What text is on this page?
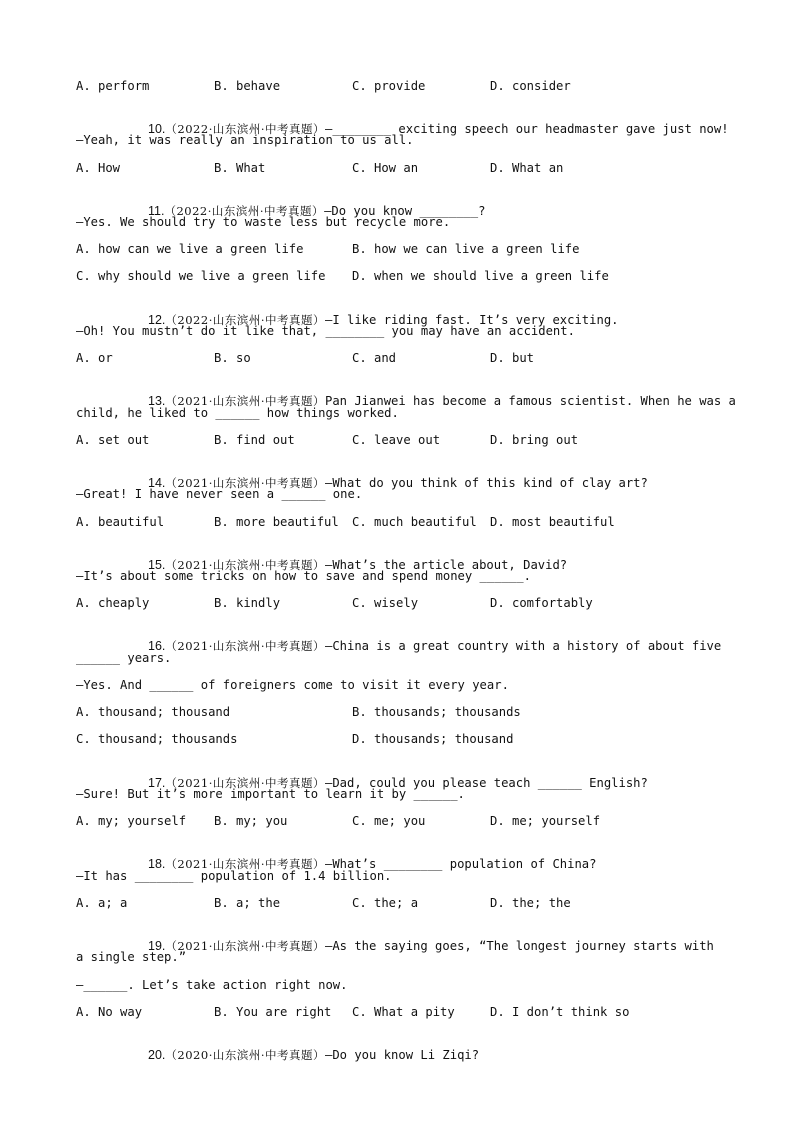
A. perform	B. behave	C. provide	D. consider

10.（2022·山东滨州·中考真题）—________ exciting speech our headmaster gave just now!

—Yeah, it was really an inspiration to us all.
A. How	B. What	C. How an	D. What an

11.（2022·山东滨州·中考真题）—Do you know ________?

—Yes. We should try to waste less but recycle more.
A. how can we live a green life	B. how we can live a green life
C. why should we live a green life D. when we should live a green life

12.（2022·山东滨州·中考真题）—I like riding fast. It’s very exciting.

—Oh! You mustn’t do it like that, ________ you may have an accident.
A. or	B. so	C. and	D. but

13.（2021·山东滨州·中考真题）Pan Jianwei has become a famous scientist. When he was a

child, he liked to ______ how things worked.
A. set out	B. find out	C. leave out	D. bring out

14.（2021·山东滨州·中考真题）—What do you think of this kind of clay art?

—Great! I have never seen a ______ one.
A. beautiful	B. more beautiful C. much beautiful D. most beautiful

15.（2021·山东滨州·中考真题）—What’s the article about, David?

—It’s about some tricks on how to save and spend money ______.
A. cheaply	B. kindly	C. wisely	D. comfortably

16.（2021·山东滨州·中考真题）—China is a great country with a history of about five

______ years.
—Yes. And ______ of foreigners come to visit it every year.
A. thousand; thousand	B. thousands; thousands
C. thousand; thousands	D. thousands; thousand

17.（2021·山东滨州·中考真题）—Dad, could you please teach ______ English?

—Sure! But it’s more important to learn it by ______.
A. my; yourself B. my; you	C. me; you	D. me; yourself

18.（2021·山东滨州·中考真题）—What’s ________ population of China?

—It has ________ population of 1.4 billion.
A. a; a	B. a; the	C. the; a	D. the; the

19.（2021·山东滨州·中考真题）—As the saying goes, “The longest journey starts with

a single step.”
—______. Let’s take action right now.
A. No way	B. You are right C. What a pity	D. I don’t think so

20.（2020·山东滨州·中考真题）—Do you know Li Ziqi?
